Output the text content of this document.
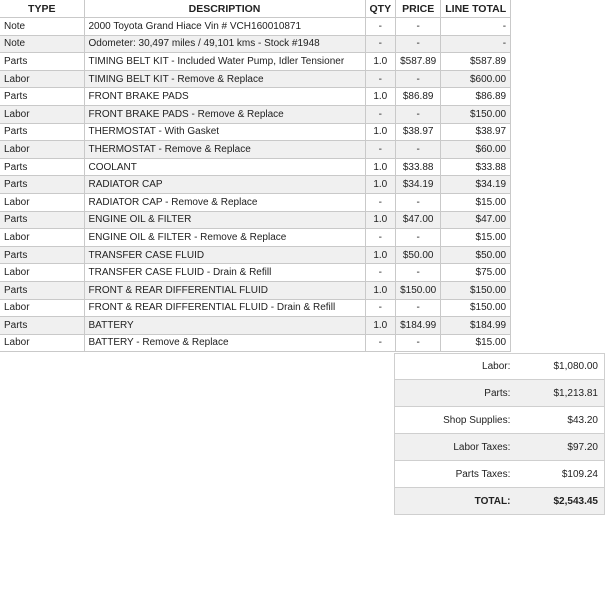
TYPE	DESCRIPTION	QTY	PRICE	LINE TOTAL
Note	2000 Toyota Grand Hiace Vin # VCH160010871	-	-	-
Note	Odometer: 30,497 miles / 49,101 kms - Stock #1948	-	-	-
Parts	TIMING BELT KIT - Included Water Pump, Idler Tensioner	1.0	$587.89	$587.89
Labor	TIMING BELT KIT - Remove & Replace	-	-	$600.00
Parts	FRONT BRAKE PADS	1.0	$86.89	$86.89
Labor	FRONT BRAKE PADS - Remove & Replace	-	-	$150.00
Parts	THERMOSTAT - With Gasket	1.0	$38.97	$38.97
Labor	THERMOSTAT - Remove & Replace	-	-	$60.00
Parts	COOLANT	1.0	$33.88	$33.88
Parts	RADIATOR CAP	1.0	$34.19	$34.19
Labor	RADIATOR CAP - Remove & Replace	-	-	$15.00
Parts	ENGINE OIL & FILTER	1.0	$47.00	$47.00
Labor	ENGINE OIL & FILTER - Remove & Replace	-	-	$15.00
Parts	TRANSFER CASE FLUID	1.0	$50.00	$50.00
Labor	TRANSFER CASE FLUID - Drain & Refill	-	-	$75.00
Parts	FRONT & REAR DIFFERENTIAL FLUID	1.0	$150.00	$150.00
Labor	FRONT & REAR DIFFERENTIAL FLUID - Drain & Refill	-	-	$150.00
Parts	BATTERY	1.0	$184.99	$184.99
Labor	BATTERY - Remove & Replace	-	-	$15.00
Labor:	$1,080.00
Parts:	$1,213.81
Shop Supplies:	$43.20
Labor Taxes:	$97.20
Parts Taxes:	$109.24
TOTAL:	$2,543.45
